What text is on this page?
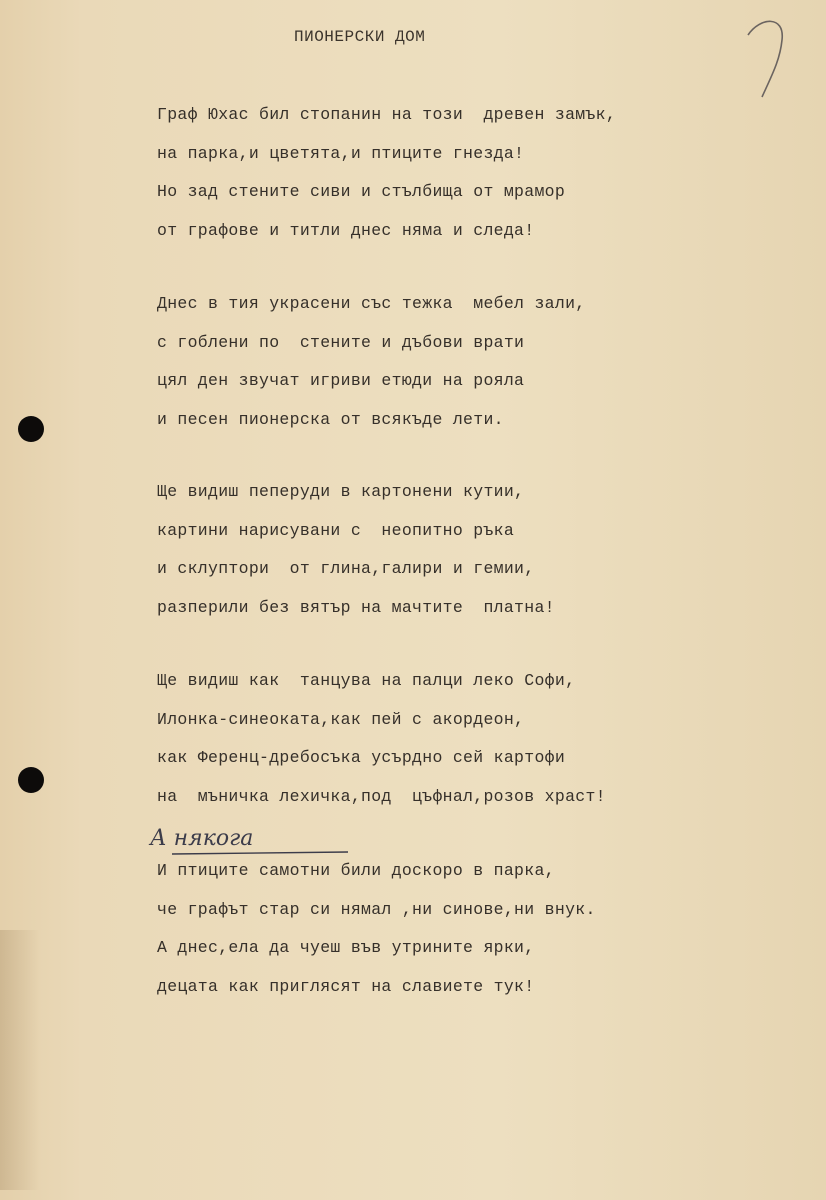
ПИОНЕРСКИ ДОМ
Граф Юхас бил стопанин на този  древен замък,
на парка,и цветята,и птиците гнезда!
Но зад стените сиви и стълбища от мрамор
от графове и титли днес няма и следа!
Днес в тия украсени със тежка  мебел зали,
с гоблени по  стените и дъбови врати
цял ден звучат игриви етюди на рояла
и песен пионерска от всякъде лети.
Ще видиш пеперуди в картонени кутии,
картини нарисувани с  неопитно ръка
и склуптори  от глина,галири и гемии,
разперили без вятър на мачтите  платна!
Ще видиш как  танцува на палци леко Софи,
Илонка-синеоката,как пей с акордеон,
как Ференц-дребосъка усърдно сей картофи
на  мъничка лехичка,под  цъфнал,розов храст!
А някога
И птиците самотни били доскоро в парка,
че графът стар си нямал ,ни синове,ни внук.
А днес,ела да чуеш във утрините ярки,
децата как приглясят на славиете тук!
